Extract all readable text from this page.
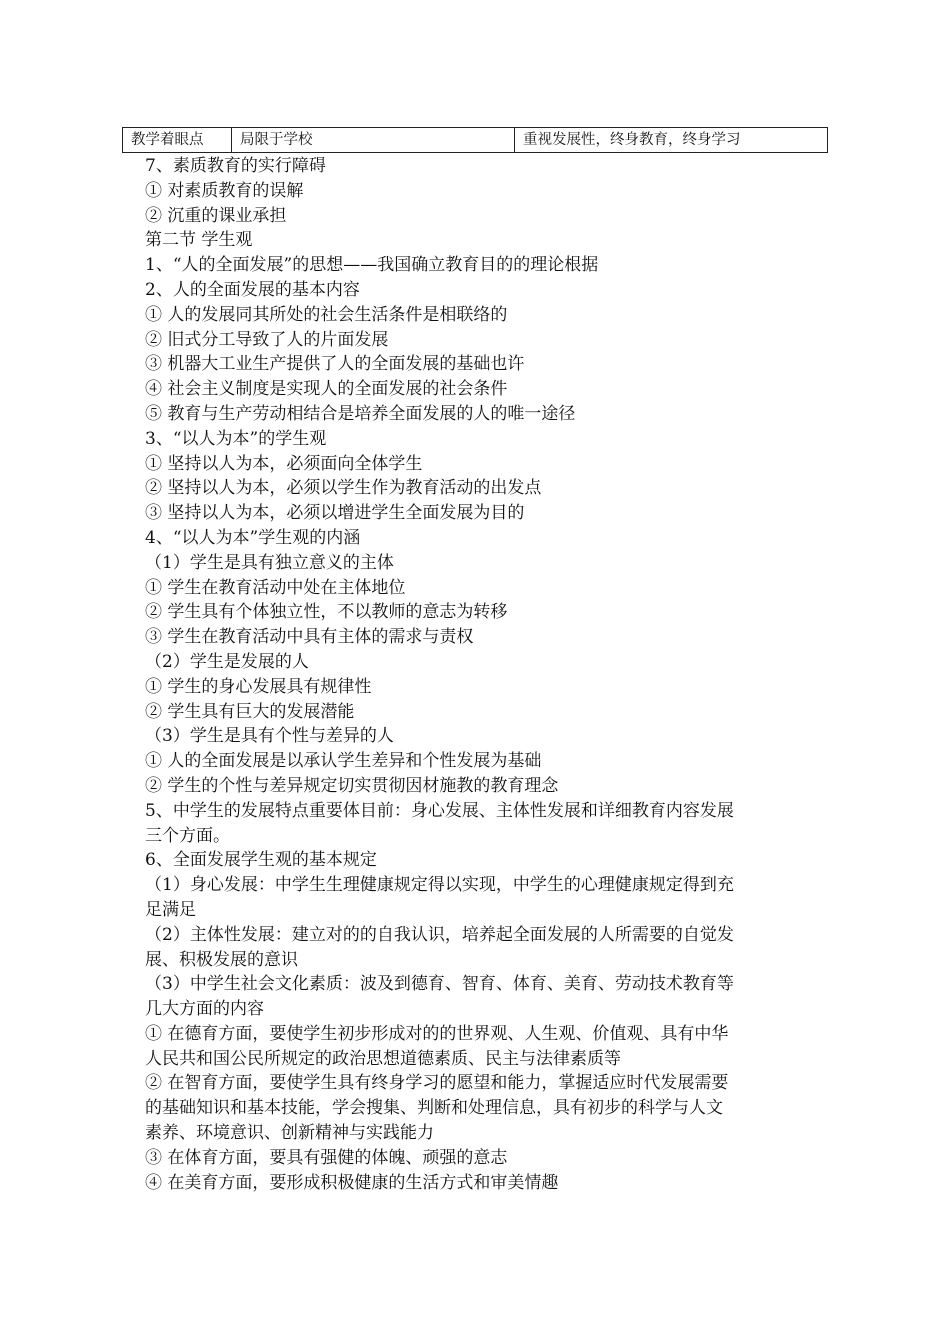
教学着眼点	局限于学校	重视发展性，终身教育，终身学习
7、素质教育的实行障碍
① 对素质教育的误解
② 沉重的课业承担
第二节 学生观
1、“人的全面发展”的思想——我国确立教育目的的理论根据
2、人的全面发展的基本内容
① 人的发展同其所处的社会生活条件是相联络的
② 旧式分工导致了人的片面发展
③ 机器大工业生产提供了人的全面发展的基础也许
④ 社会主义制度是实现人的全面发展的社会条件
⑤ 教育与生产劳动相结合是培养全面发展的人的唯一途径
3、“以人为本”的学生观
① 坚持以人为本，必须面向全体学生
② 坚持以人为本，必须以学生作为教育活动的出发点
③ 坚持以人为本，必须以增进学生全面发展为目的
4、“以人为本”学生观的内涵
（1）学生是具有独立意义的主体
① 学生在教育活动中处在主体地位
② 学生具有个体独立性，不以教师的意志为转移
③ 学生在教育活动中具有主体的需求与责权
（2）学生是发展的人
① 学生的身心发展具有规律性
② 学生具有巨大的发展潜能
（3）学生是具有个性与差异的人
① 人的全面发展是以承认学生差异和个性发展为基础
② 学生的个性与差异规定切实贯彻因材施教的教育理念
5、中学生的发展特点重要体目前：身心发展、主体性发展和详细教育内容发展
三个方面。
6、全面发展学生观的基本规定
（1）身心发展：中学生生理健康规定得以实现，中学生的心理健康规定得到充
足满足
（2）主体性发展：建立对的的自我认识，培养起全面发展的人所需要的自觉发
展、积极发展的意识
（3）中学生社会文化素质：波及到德育、智育、体育、美育、劳动技术教育等
几大方面的内容
① 在德育方面，要使学生初步形成对的的世界观、人生观、价值观、具有中华
人民共和国公民所规定的政治思想道德素质、民主与法律素质等
② 在智育方面，要使学生具有终身学习的愿望和能力，掌握适应时代发展需要
的基础知识和基本技能，学会搜集、判断和处理信息，具有初步的科学与人文
素养、环境意识、创新精神与实践能力
③ 在体育方面，要具有强健的体魄、顽强的意志
④ 在美育方面，要形成积极健康的生活方式和审美情趣
